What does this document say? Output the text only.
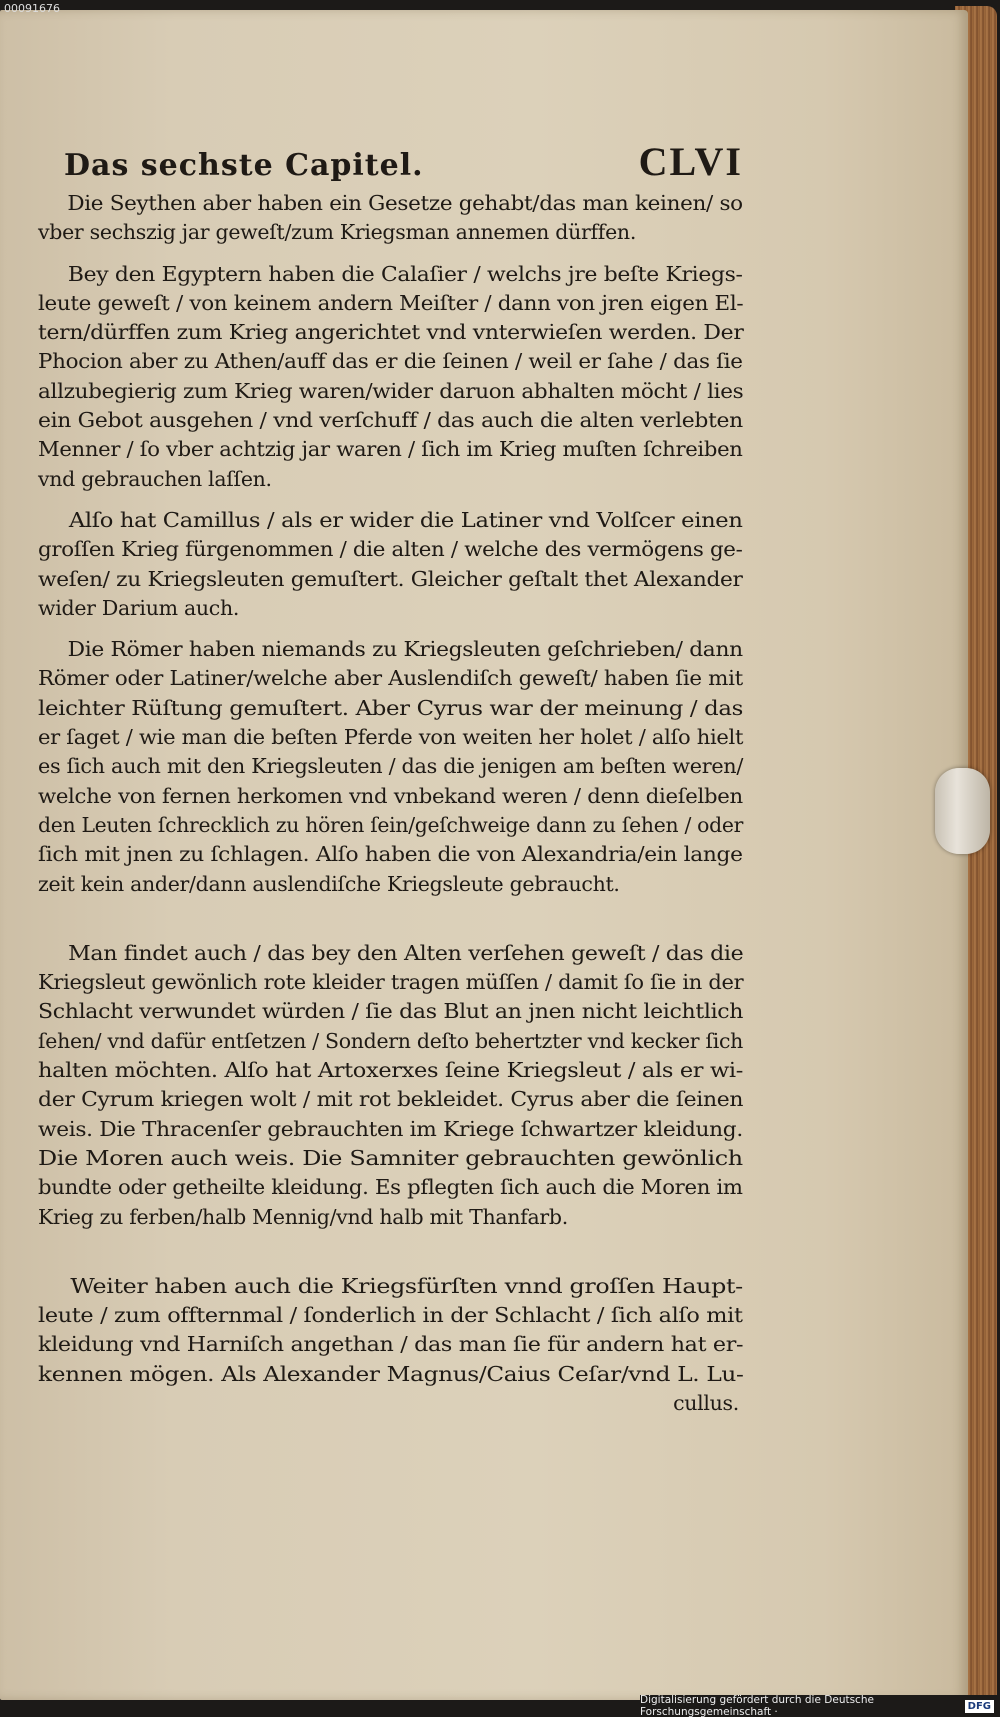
00091676
Das sechste Capitel.	CLVI
Die Seythen aber haben ein Gesetze gehabt/das man keinen/ so
vber sechszig jar geweſt/zum Kriegsman annemen dürffen.
Bey den Egyptern haben die Calaſier / welchs jre beſte Kriegs-
leute geweſt / von keinem andern Meiſter / dann von jren eigen El-
tern/dürffen zum Krieg angerichtet vnd vnterwieſen werden. Der
Phocion aber zu Athen/auff das er die ſeinen / weil er ſahe / das ſie
allzubegierig zum Krieg waren/wider daruon abhalten möcht / lies
ein Gebot ausgehen / vnd verſchuff / das auch die alten verlebten
Menner / ſo vber achtzig jar waren / ſich im Krieg muſten ſchreiben
vnd gebrauchen laſſen.
Alſo hat Camillus / als er wider die Latiner vnd Volſcer einen
groſſen Krieg fürgenommen / die alten / welche des vermögens ge-
weſen/ zu Kriegsleuten gemuſtert. Gleicher geſtalt thet Alexander
wider Darium auch.
Die Römer haben niemands zu Kriegsleuten geſchrieben/ dann
Römer oder Latiner/welche aber Auslendiſch geweſt/ haben ſie mit
leichter Rüſtung gemuſtert. Aber Cyrus war der meinung / das
er ſaget / wie man die beſten Pferde von weiten her holet / alſo hielt
es ſich auch mit den Kriegsleuten / das die jenigen am beſten weren/
welche von fernen herkomen vnd vnbekand weren / denn dieſelben
den Leuten ſchrecklich zu hören ſein/geſchweige dann zu ſehen / oder
ſich mit jnen zu ſchlagen. Alſo haben die von Alexandria/ein lange
zeit kein ander/dann auslendiſche Kriegsleute gebraucht.
Man findet auch / das bey den Alten verſehen geweſt / das die
Kriegsleut gewönlich rote kleider tragen müſſen / damit ſo ſie in der
Schlacht verwundet würden / ſie das Blut an jnen nicht leichtlich
ſehen/ vnd dafür entſetzen / Sondern deſto behertzter vnd kecker ſich
halten möchten. Alſo hat Artoxerxes ſeine Kriegsleut / als er wi-
der Cyrum kriegen wolt / mit rot bekleidet. Cyrus aber die ſeinen
weis. Die Thracenſer gebrauchten im Kriege ſchwartzer kleidung.
Die Moren auch weis. Die Samniter gebrauchten gewönlich
bundte oder getheilte kleidung. Es pflegten ſich auch die Moren im
Krieg zu ferben/halb Mennig/vnd halb mit Thanfarb.
Weiter haben auch die Kriegsfürſten vnnd groſſen Haupt-
leute / zum offternmal / ſonderlich in der Schlacht / ſich alſo mit
kleidung vnd Harniſch angethan / das man ſie für andern hat er-
kennen mögen. Als Alexander Magnus/Caius Ceſar/vnd L. Lu-
cullus.
Digitalisierung gefördert durch die Deutsche Forschungsgemeinschaft ·	DFG
